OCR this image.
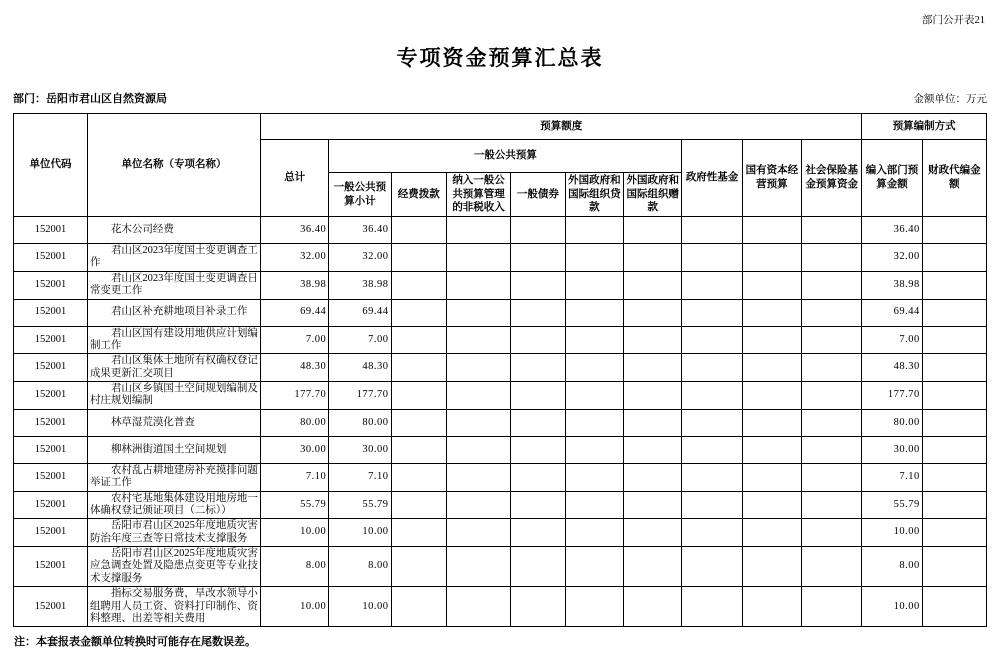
部门公开表21
专项资金预算汇总表
部门：岳阳市君山区自然资源局	金额单位：万元
单位代码	单位名称（专项名称）	预算额度										预算编制方式	
		总计	一般公共预算						政府性基金	国有资本经营预算	社会保险基金预算资金	编入部门预算金额	财政代编金额
			一般公共预算小计	经费拨款	纳入一般公共预算管理的非税收入	一般债券	外国政府和国际组织贷款	外国政府和国际组织赠款					
152001	花木公司经费	36.40	36.40									36.40	
152001	君山区2023年度国土变更调查工作	32.00	32.00									32.00	
152001	君山区2023年度国土变更调查日常变更工作	38.98	38.98									38.98	
152001	君山区补充耕地项目补录工作	69.44	69.44									69.44	
152001	君山区国有建设用地供应计划编制工作	7.00	7.00									7.00	
152001	君山区集体土地所有权确权登记成果更新汇交项目	48.30	48.30									48.30	
152001	君山区乡镇国土空间规划编制及村庄规划编制	177.70	177.70									177.70	
152001	林草湿荒漠化普查	80.00	80.00									80.00	
152001	柳林洲街道国土空间规划	30.00	30.00									30.00	
152001	农村乱占耕地建房补充摸排问题举证工作	7.10	7.10									7.10	
152001	农村宅基地集体建设用地房地一体确权登记颁证项目（二标））	55.79	55.79									55.79	
152001	岳阳市君山区2025年度地质灾害防治年度三查等日常技术支撑服务	10.00	10.00									10.00	
152001	岳阳市君山区2025年度地质灾害应急调查处置及隐患点变更等专业技术支撑服务	8.00	8.00									8.00	
152001	指标交易服务费，旱改水领导小组聘用人员工资、资料打印制作、资料整理、出差等相关费用	10.00	10.00									10.00	
注：本套报表金额单位转换时可能存在尾数误差。
